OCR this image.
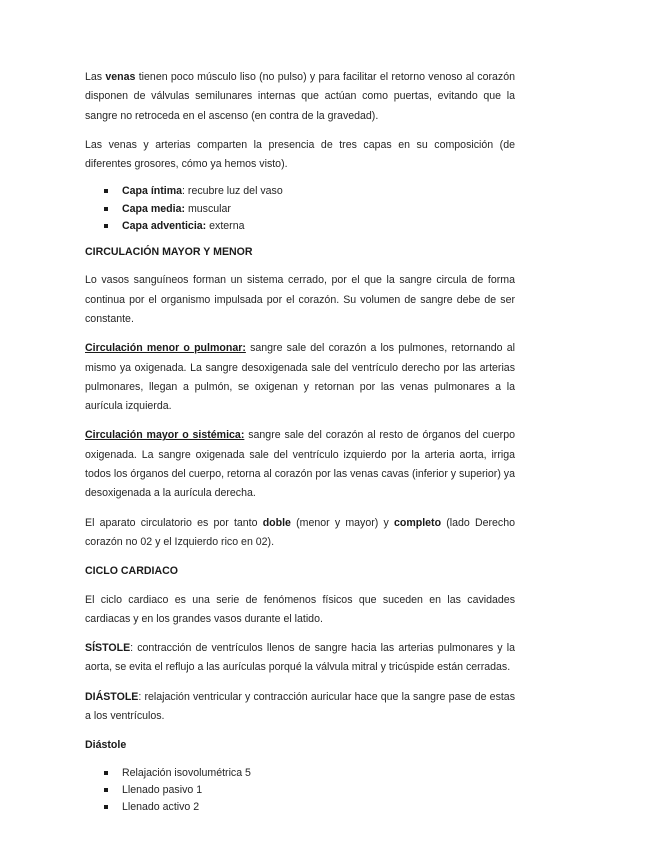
Las venas tienen poco músculo liso (no pulso) y para facilitar el retorno venoso al corazón disponen de válvulas semilunares internas que actúan como puertas, evitando que la sangre no retroceda en el ascenso (en contra de la gravedad).

Las venas y arterias comparten la presencia de tres capas en su composición (de diferentes grosores, cómo ya hemos visto).

Capa íntima: recubre luz del vaso
Capa media: muscular
Capa adventicia: externa
CIRCULACIÓN MAYOR Y MENOR

Lo vasos sanguíneos forman un sistema cerrado, por el que la sangre circula de forma continua por el organismo impulsada por el corazón. Su volumen de sangre debe de ser constante.

Circulación menor o pulmonar: sangre sale del corazón a los pulmones, retornando al mismo ya oxigenada. La sangre desoxigenada sale del ventrículo derecho por las arterias pulmonares, llegan a pulmón, se oxigenan y retornan por las venas pulmonares a la aurícula izquierda.

Circulación mayor o sistémica: sangre sale del corazón al resto de órganos del cuerpo oxigenada. La sangre oxigenada sale del ventrículo izquierdo por la arteria aorta, irriga todos los órganos del cuerpo, retorna al corazón por las venas cavas (inferior y superior) ya desoxigenada a la aurícula derecha.

El aparato circulatorio es por tanto doble (menor y mayor) y completo (lado Derecho corazón no 02 y el Izquierdo rico en 02).

CICLO CARDIACO

El ciclo cardiaco es una serie de fenómenos físicos que suceden en las cavidades cardiacas y en los grandes vasos durante el latido.

SÍSTOLE: contracción de ventrículos llenos de sangre hacia las arterias pulmonares y la aorta, se evita el reflujo a las aurículas porqué la válvula mitral y tricúspide están cerradas.

DIÁSTOLE: relajación ventricular y contracción auricular hace que la sangre pase de estas a los ventrículos.

Diástole
Relajación isovolumétrica 5
Llenado pasivo 1
Llenado activo 2
